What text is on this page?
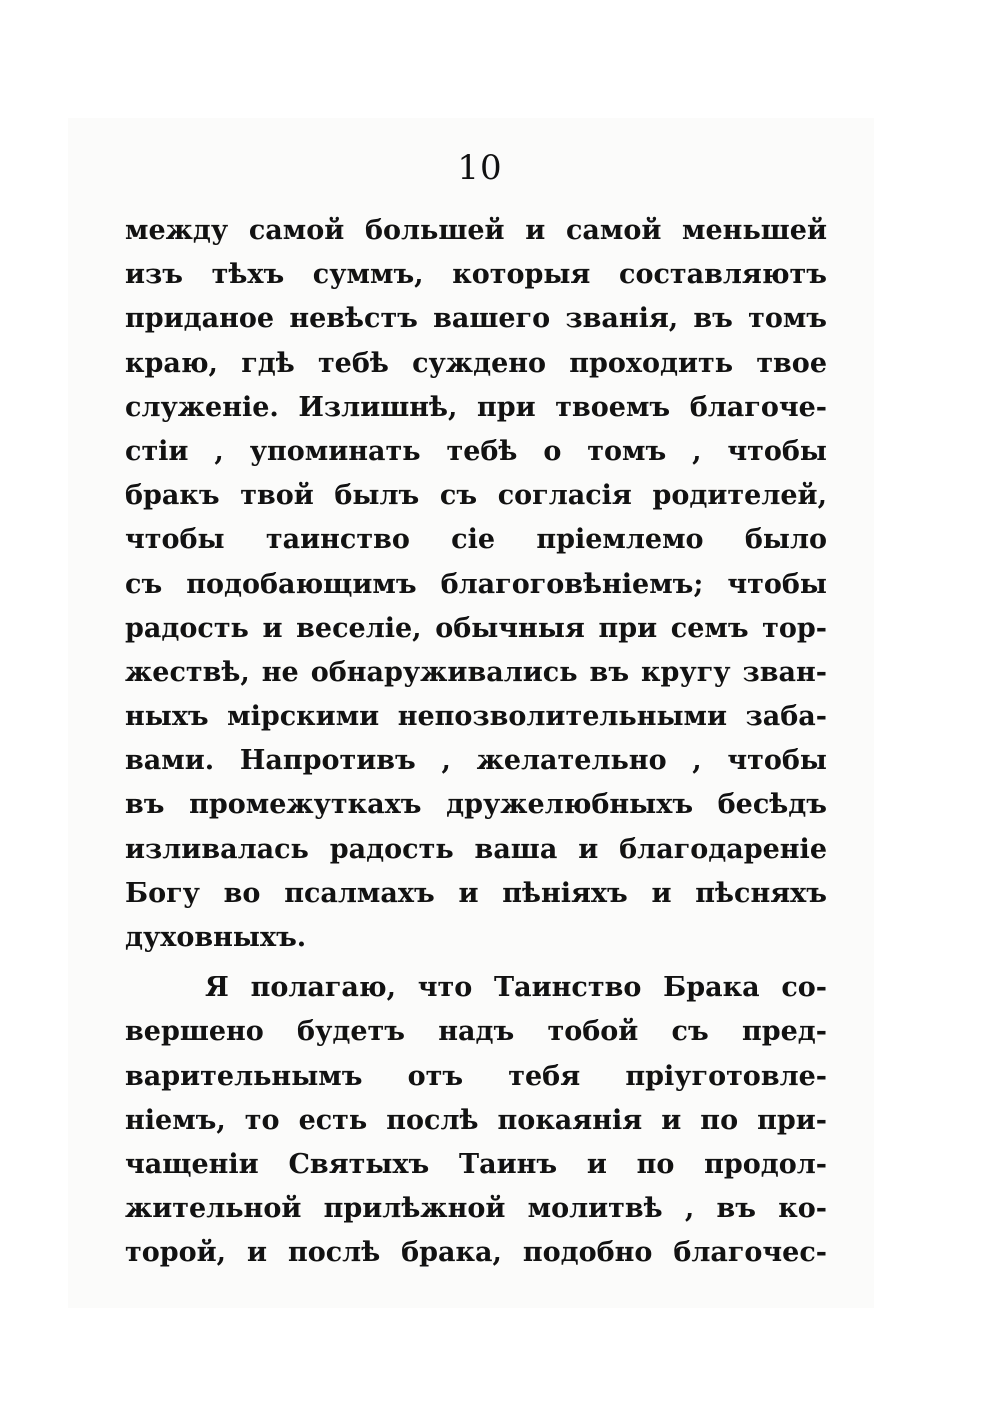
10
между самой большей и самой меньшей
изъ тѣхъ суммъ, которыя составляютъ
приданое невѣстъ вашего званія, въ томъ
краю, гдѣ тебѣ суждено проходить твое
служеніе. Излишнѣ, при твоемъ благоче-
стіи , упоминать тебѣ о томъ , чтобы
бракъ твой былъ съ согласія родителей,
чтобы таинство сіе пріемлемо было
съ подобающимъ благоговѣніемъ; чтобы
радость и веселіе, обычныя при семъ тор-
жествѣ, не обнаруживались въ кругу зван-
ныхъ мірскими непозволительными заба-
вами. Напротивъ , желательно , чтобы
въ промежуткахъ дружелюбныхъ бесѣдъ
изливалась радость ваша и благодареніе
Богу во псалмахъ и пѣніяхъ и пѣсняхъ
духовныхъ.
Я полагаю, что Таинство Брака со-
вершено будетъ надъ тобой съ пред-
варительнымъ отъ тебя пріуготовле-
ніемъ, то есть послѣ покаянія и по при-
чащеніи Святыхъ Таинъ и по продол-
жительной прилѣжной молитвѣ , въ ко-
торой, и послѣ брака, подобно благочес-
